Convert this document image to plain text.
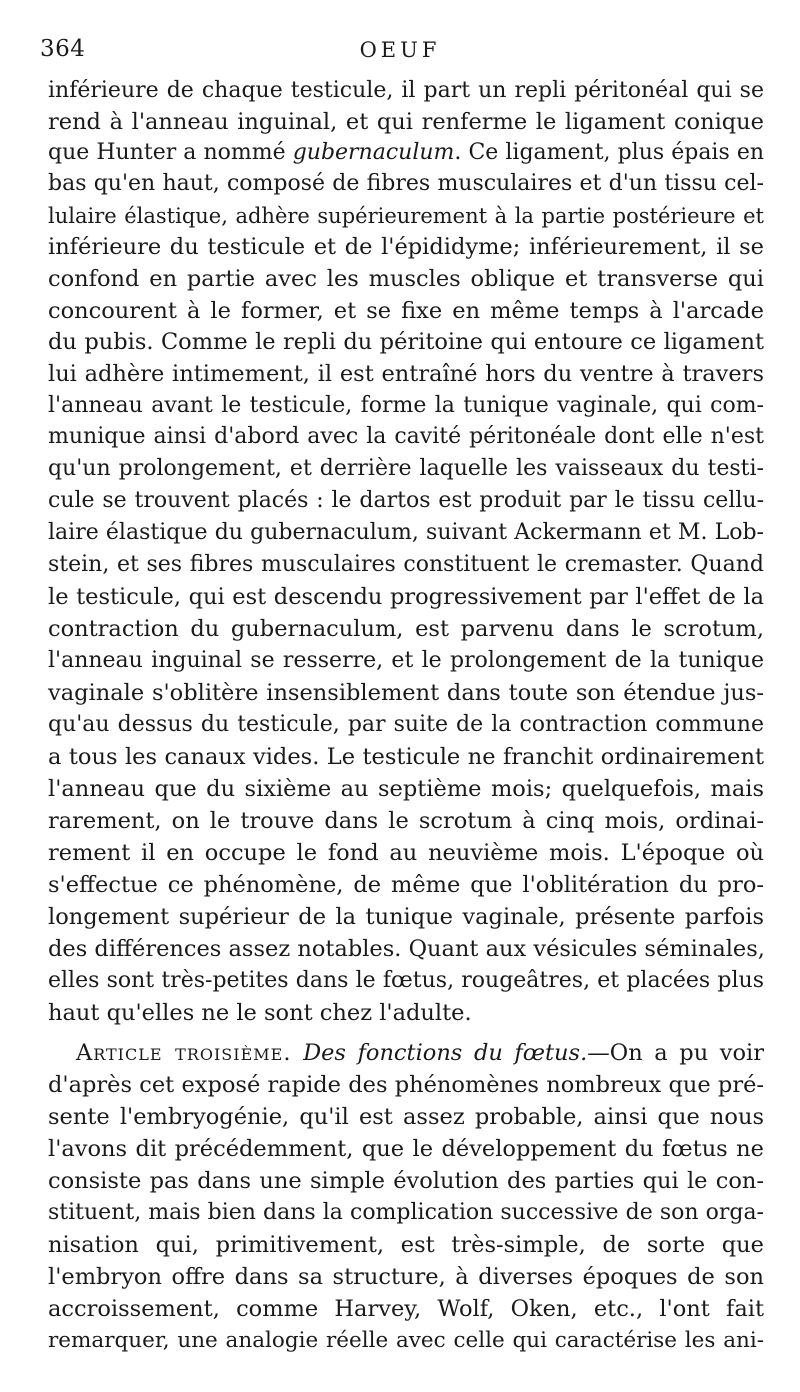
364	OEUF
inférieure de chaque testicule, il part un repli péritonéal qui se
rend à l'anneau inguinal, et qui renferme le ligament conique
que Hunter a nommé gubernaculum. Ce ligament, plus épais en
bas qu'en haut, composé de fibres musculaires et d'un tissu cel-
lulaire élastique, adhère supérieurement à la partie postérieure et
inférieure du testicule et de l'épididyme; inférieurement, il se
confond en partie avec les muscles oblique et transverse qui
concourent à le former, et se fixe en même temps à l'arcade
du pubis. Comme le repli du péritoine qui entoure ce ligament
lui adhère intimement, il est entraîné hors du ventre à travers
l'anneau avant le testicule, forme la tunique vaginale, qui com-
munique ainsi d'abord avec la cavité péritonéale dont elle n'est
qu'un prolongement, et derrière laquelle les vaisseaux du testi-
cule se trouvent placés : le dartos est produit par le tissu cellu-
laire élastique du gubernaculum, suivant Ackermann et M. Lob-
stein, et ses fibres musculaires constituent le cremaster. Quand
le testicule, qui est descendu progressivement par l'effet de la
contraction du gubernaculum, est parvenu dans le scrotum,
l'anneau inguinal se resserre, et le prolongement de la tunique
vaginale s'oblitère insensiblement dans toute son étendue jus-
qu'au dessus du testicule, par suite de la contraction commune
a tous les canaux vides. Le testicule ne franchit ordinairement
l'anneau que du sixième au septième mois; quelquefois, mais
rarement, on le trouve dans le scrotum à cinq mois, ordinai-
rement il en occupe le fond au neuvième mois. L'époque où
s'effectue ce phénomène, de même que l'oblitération du pro-
longement supérieur de la tunique vaginale, présente parfois
des différences assez notables. Quant aux vésicules séminales,
elles sont très-petites dans le fœtus, rougeâtres, et placées plus
haut qu'elles ne le sont chez l'adulte.
Article troisième. Des fonctions du fœtus.—On a pu voir
d'après cet exposé rapide des phénomènes nombreux que pré-
sente l'embryogénie, qu'il est assez probable, ainsi que nous
l'avons dit précédemment, que le développement du fœtus ne
consiste pas dans une simple évolution des parties qui le con-
stituent, mais bien dans la complication successive de son orga-
nisation qui, primitivement, est très-simple, de sorte que
l'embryon offre dans sa structure, à diverses époques de son
accroissement, comme Harvey, Wolf, Oken, etc., l'ont fait
remarquer, une analogie réelle avec celle qui caractérise les ani-
